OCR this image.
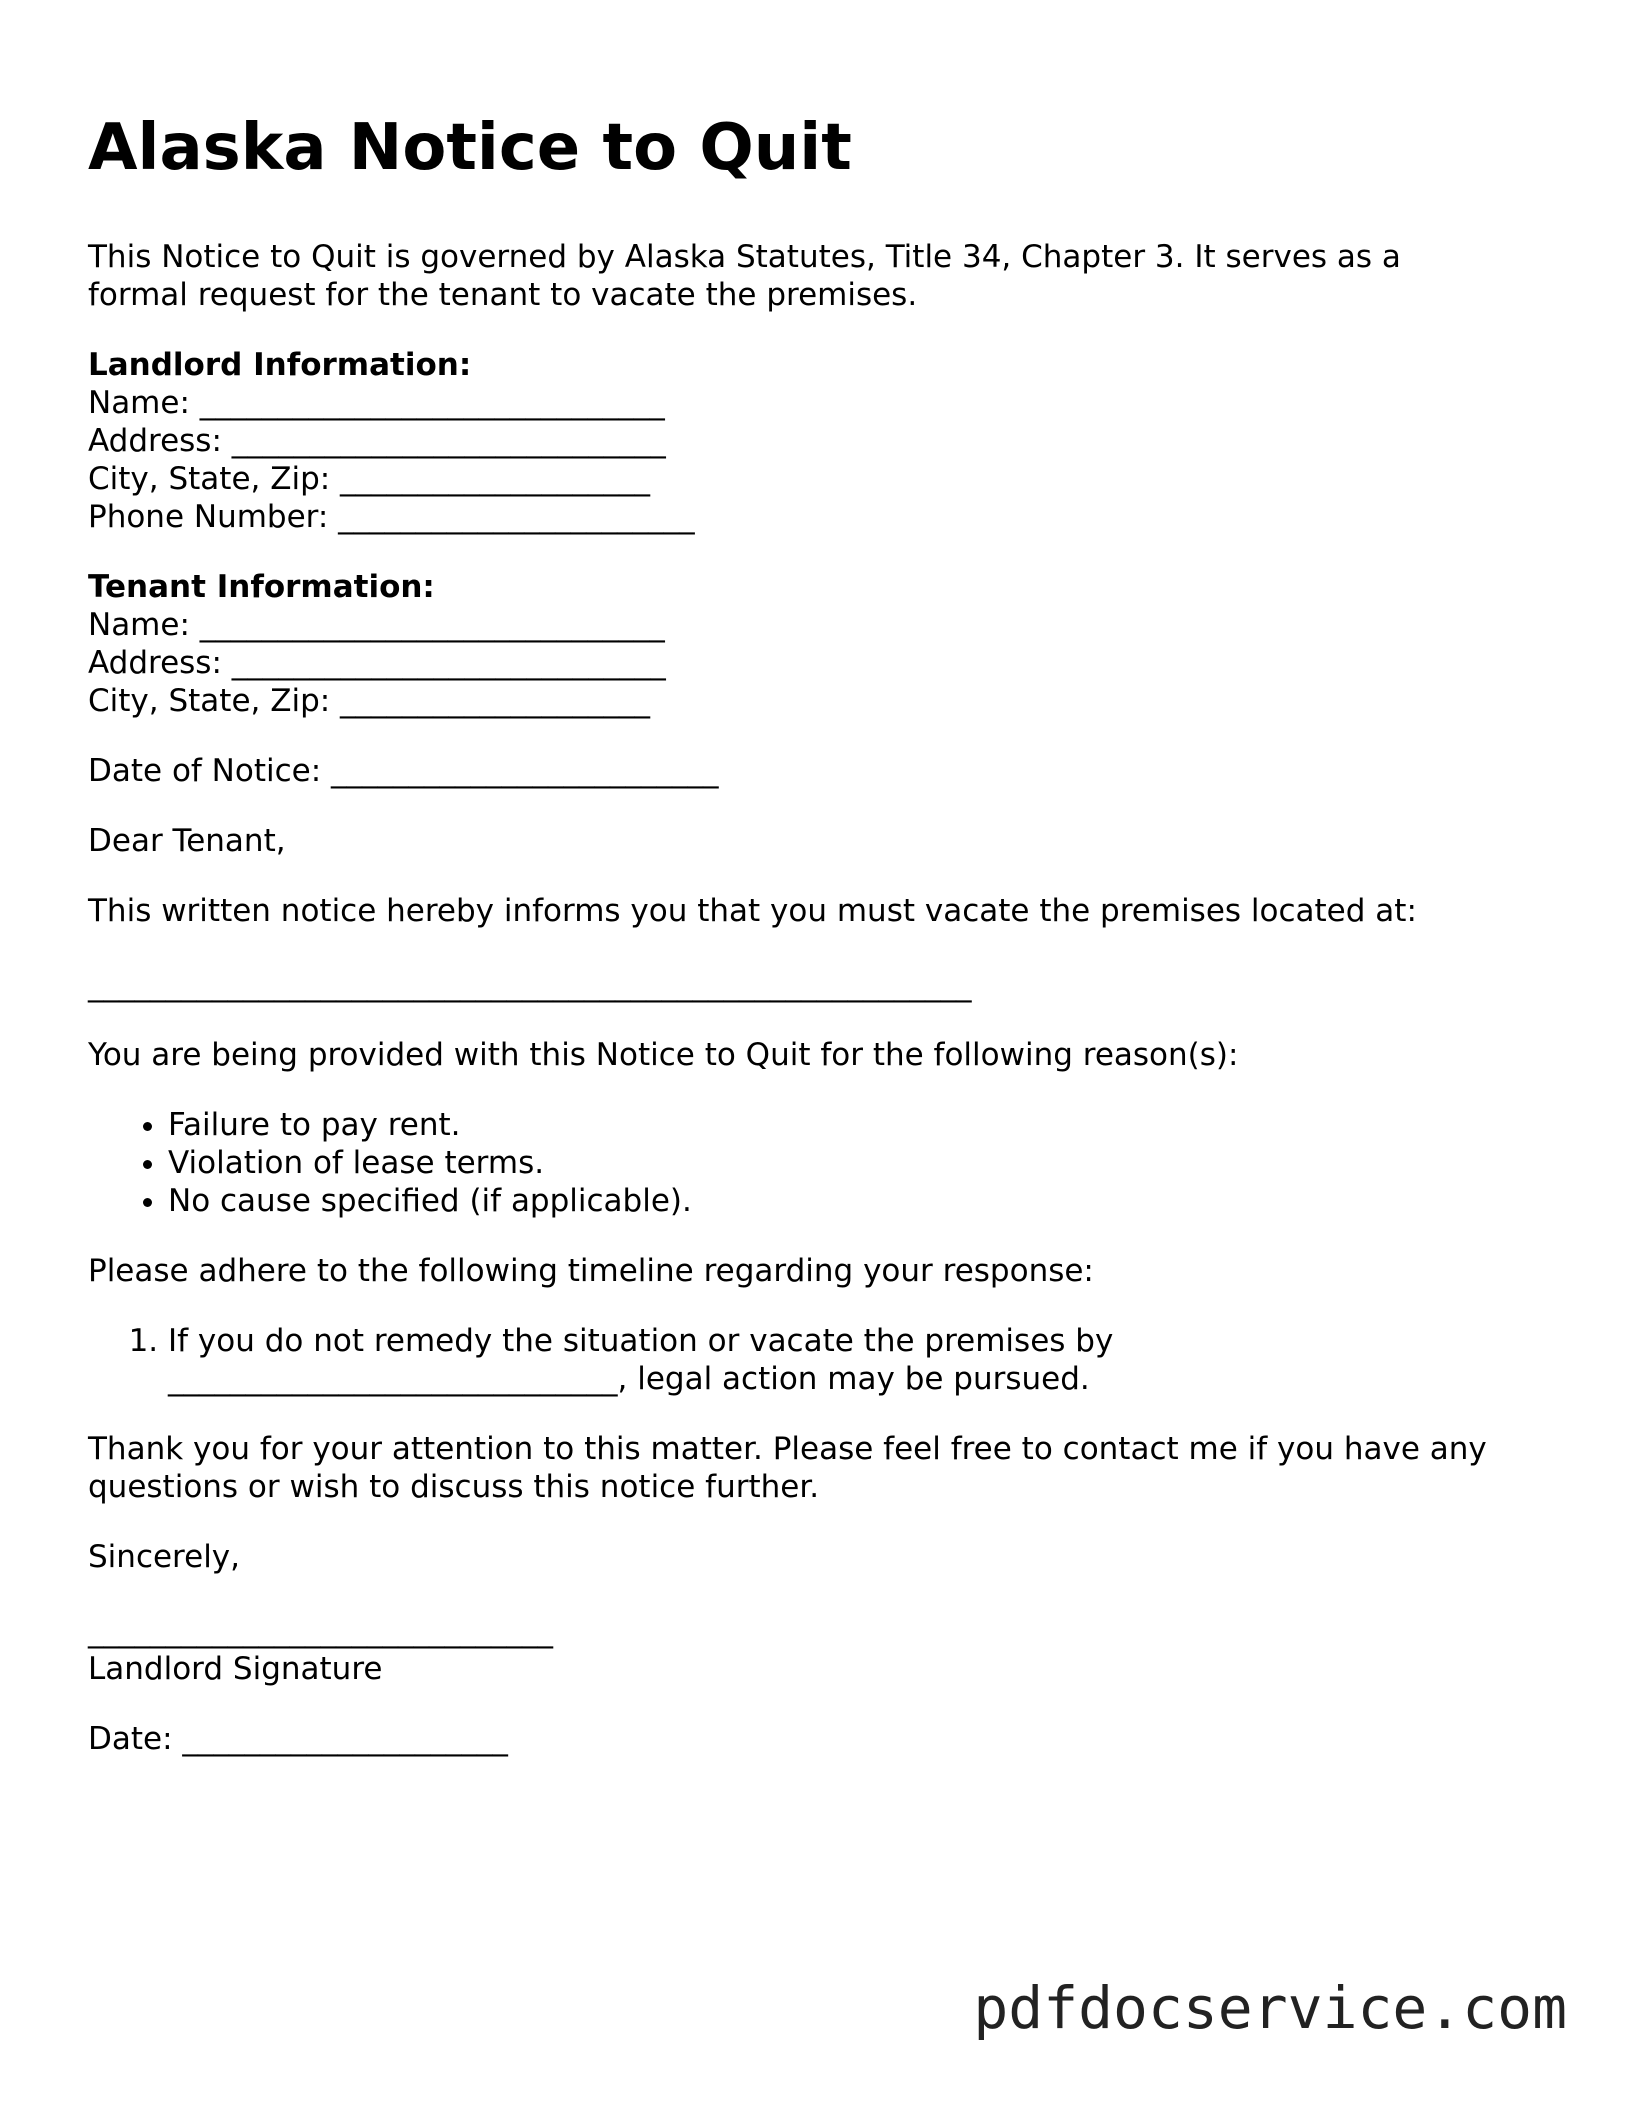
Alaska Notice to Quit

This Notice to Quit is governed by Alaska Statutes, Title 34, Chapter 3. It serves as a
formal request for the tenant to vacate the premises.

Landlord Information:
Name: ______________________________
Address: ____________________________
City, State, Zip: ____________________
Phone Number: _______________________
Tenant Information:
Name: ______________________________
Address: ____________________________
City, State, Zip: ____________________

Date of Notice: _________________________

Dear Tenant,

This written notice hereby informs you that you must vacate the premises located at:

_________________________________________________________

You are being provided with this Notice to Quit for the following reason(s):

• Failure to pay rent.
• Violation of lease terms.
• No cause specified (if applicable).

Please adhere to the following timeline regarding your response:

1. If you do not remedy the situation or vacate the premises by
_____________________________, legal action may be pursued.

Thank you for your attention to this matter. Please feel free to contact me if you have any
questions or wish to discuss this notice further.

Sincerely,

______________________________
Landlord Signature

Date: _____________________

pdfdocservice.com
